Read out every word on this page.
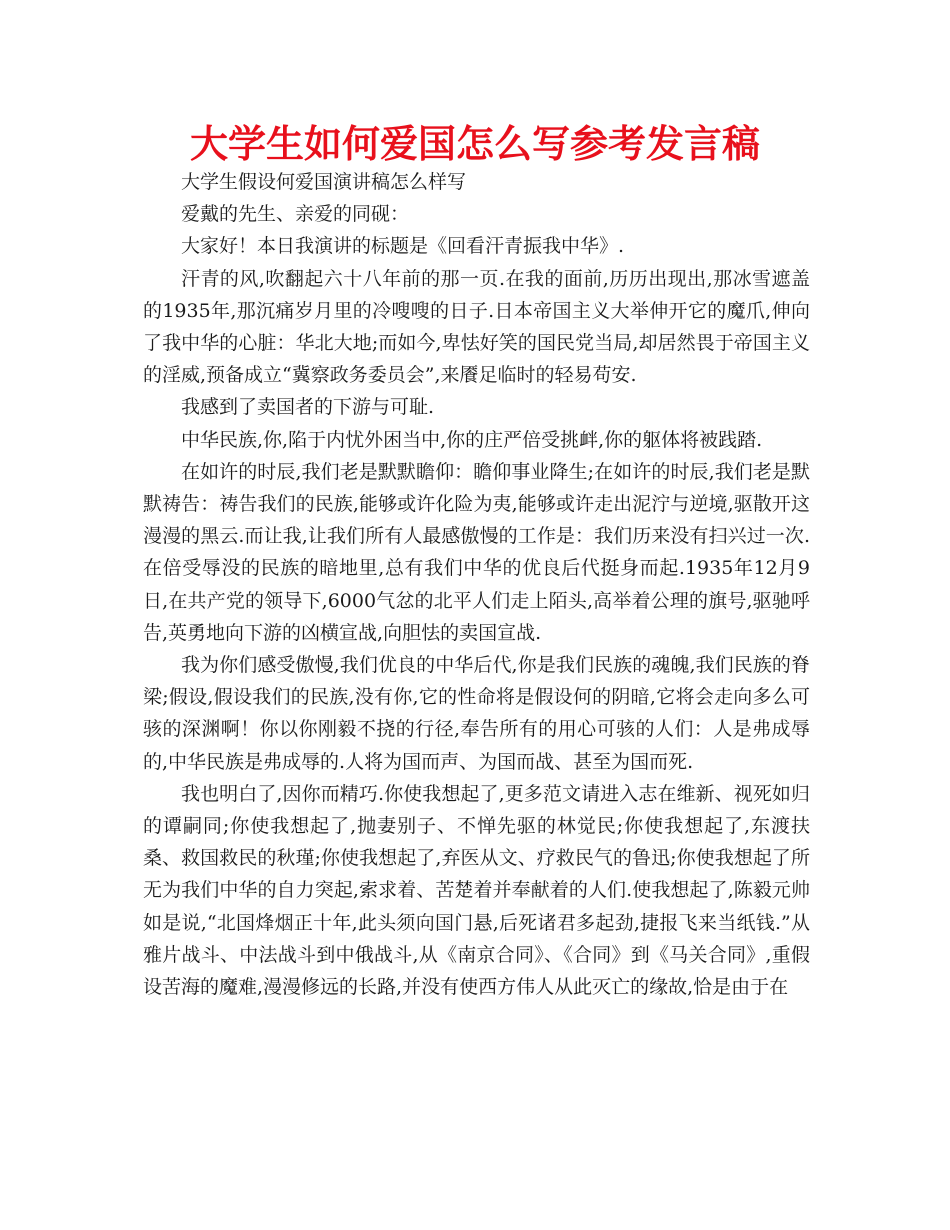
大学生如何爱国怎么写参考发言稿

大学生假设何爱国演讲稿怎么样写

爱戴的先生、亲爱的同砚：

大家好！本日我演讲的标题是《回看汗青振我中华》.

汗青的风,吹翻起六十八年前的那一页.在我的面前,历历出现出,那冰雪遮盖的1935年,那沉痛岁月里的冷嗖嗖的日子.日本帝国主义大举伸开它的魔爪,伸向了我中华的心脏：华北大地;而如今,卑怯好笑的国民党当局,却居然畏于帝国主义的淫威,预备成立“冀察政务委员会”,来餍足临时的轻易苟安.

我感到了卖国者的下游与可耻.

中华民族,你,陷于内忧外困当中,你的庄严倍受挑衅,你的躯体将被践踏.

在如许的时辰,我们老是默默瞻仰：瞻仰事业降生;在如许的时辰,我们老是默默祷告：祷告我们的民族,能够或许化险为夷,能够或许走出泥泞与逆境,驱散开这漫漫的黑云.而让我,让我们所有人最感傲慢的工作是：我们历来没有扫兴过一次.在倍受辱没的民族的暗地里,总有我们中华的优良后代挺身而起.1935年12月9日,在共产党的领导下,6000气忿的北平人们走上陌头,高举着公理的旗号,驱驰呼告,英勇地向下游的凶横宣战,向胆怯的卖国宣战.

我为你们感受傲慢,我们优良的中华后代,你是我们民族的魂魄,我们民族的脊梁;假设,假设我们的民族,没有你,它的性命将是假设何的阴暗,它将会走向多么可骇的深渊啊！你以你刚毅不挠的行径,奉告所有的用心可骇的人们：人是弗成辱的,中华民族是弗成辱的.人将为国而声、为国而战、甚至为国而死.

我也明白了,因你而精巧.你使我想起了,更多范文请进入志在维新、视死如归的谭嗣同;你使我想起了,抛妻别子、不惮先驱的林觉民;你使我想起了,东渡扶桑、救国救民的秋瑾;你使我想起了,弃医从文、疗救民气的鲁迅;你使我想起了所无为我们中华的自力突起,索求着、苦楚着并奉献着的人们.使我想起了,陈毅元帅如是说,“北国烽烟正十年,此头须向国门悬,后死诸君多起劲,捷报飞来当纸钱.”从雅片战斗、中法战斗到中俄战斗,从《南京合同》、《合同》到《马关合同》,重假设苦海的魔难,漫漫修远的长路,并没有使西方伟人从此灭亡的缘故,恰是由于在
